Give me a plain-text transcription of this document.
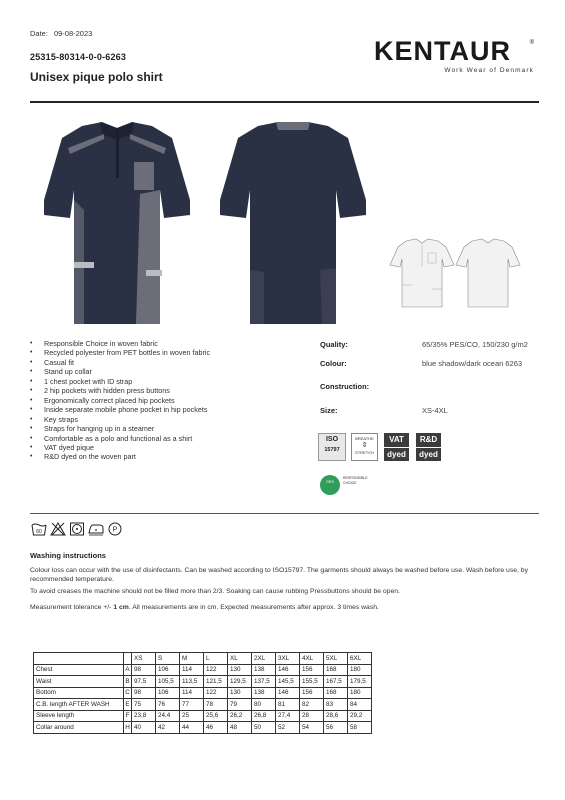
Date: 09-08-2023
25315-80314-0-0-6263
Unisex pique polo shirt
KENTAUR	®
Work Wear of Denmark
• Responsible Choice in woven fabric
• Recycled polyester from PET bottles in woven fabric
• Casual fit
• Stand up collar
• 1 chest pocket with ID strap
• 2 hip pockets with hidden press buttons
• Ergonomically correct placed hip pockets
• Inside separate mobile phone pocket in hip pockets
• Key straps
• Straps for hanging up in a steamer
• Comfortable as a polo and functional as a shirt
• VAT dyed pique
• R&D dyed on the woven part
Quality:	65/35% PES/CO, 150/230 g/m2
Colour:	blue shadow/dark ocean 6263
Construction:
Size:	XS-4XL
ISO
15797
BREATHE
⇕
STRETCH
VAT
dyed
R&D
dyed
GRS
RESPONSIBLE CHOICE
60	P
Washing instructions
Colour loss can occur with the use of disinfectants. Can be washed according to ISO15797. The garments should always be washed before use. Wash before use, by recommended temperature.
To avoid creases the machine should not be filled more than 2/3. Soaking can cause rubbing Pressbuttons should be open.
Measurement tolerance +/- 1 cm. All measurements are in cm. Expected measurements after approx. 3 times wash.
		XS	S	M	L	XL	2XL	3XL	4XL	5XL	6XL
Chest	A	98	106	114	122	130	138	146	156	168	180
Waist	B	97,5	105,5	113,5	121,5	129,5	137,5	145,5	155,5	167,5	179,5
Bottom	C	98	106	114	122	130	138	146	156	168	180
C.B. length AFTER WASH	E	75	76	77	78	79	80	81	82	83	84
Sleeve length	F	23,8	24,4	25	25,6	26,2	26,8	27,4	28	28,6	29,2
Collar around	H	40	42	44	46	48	50	52	54	56	58
